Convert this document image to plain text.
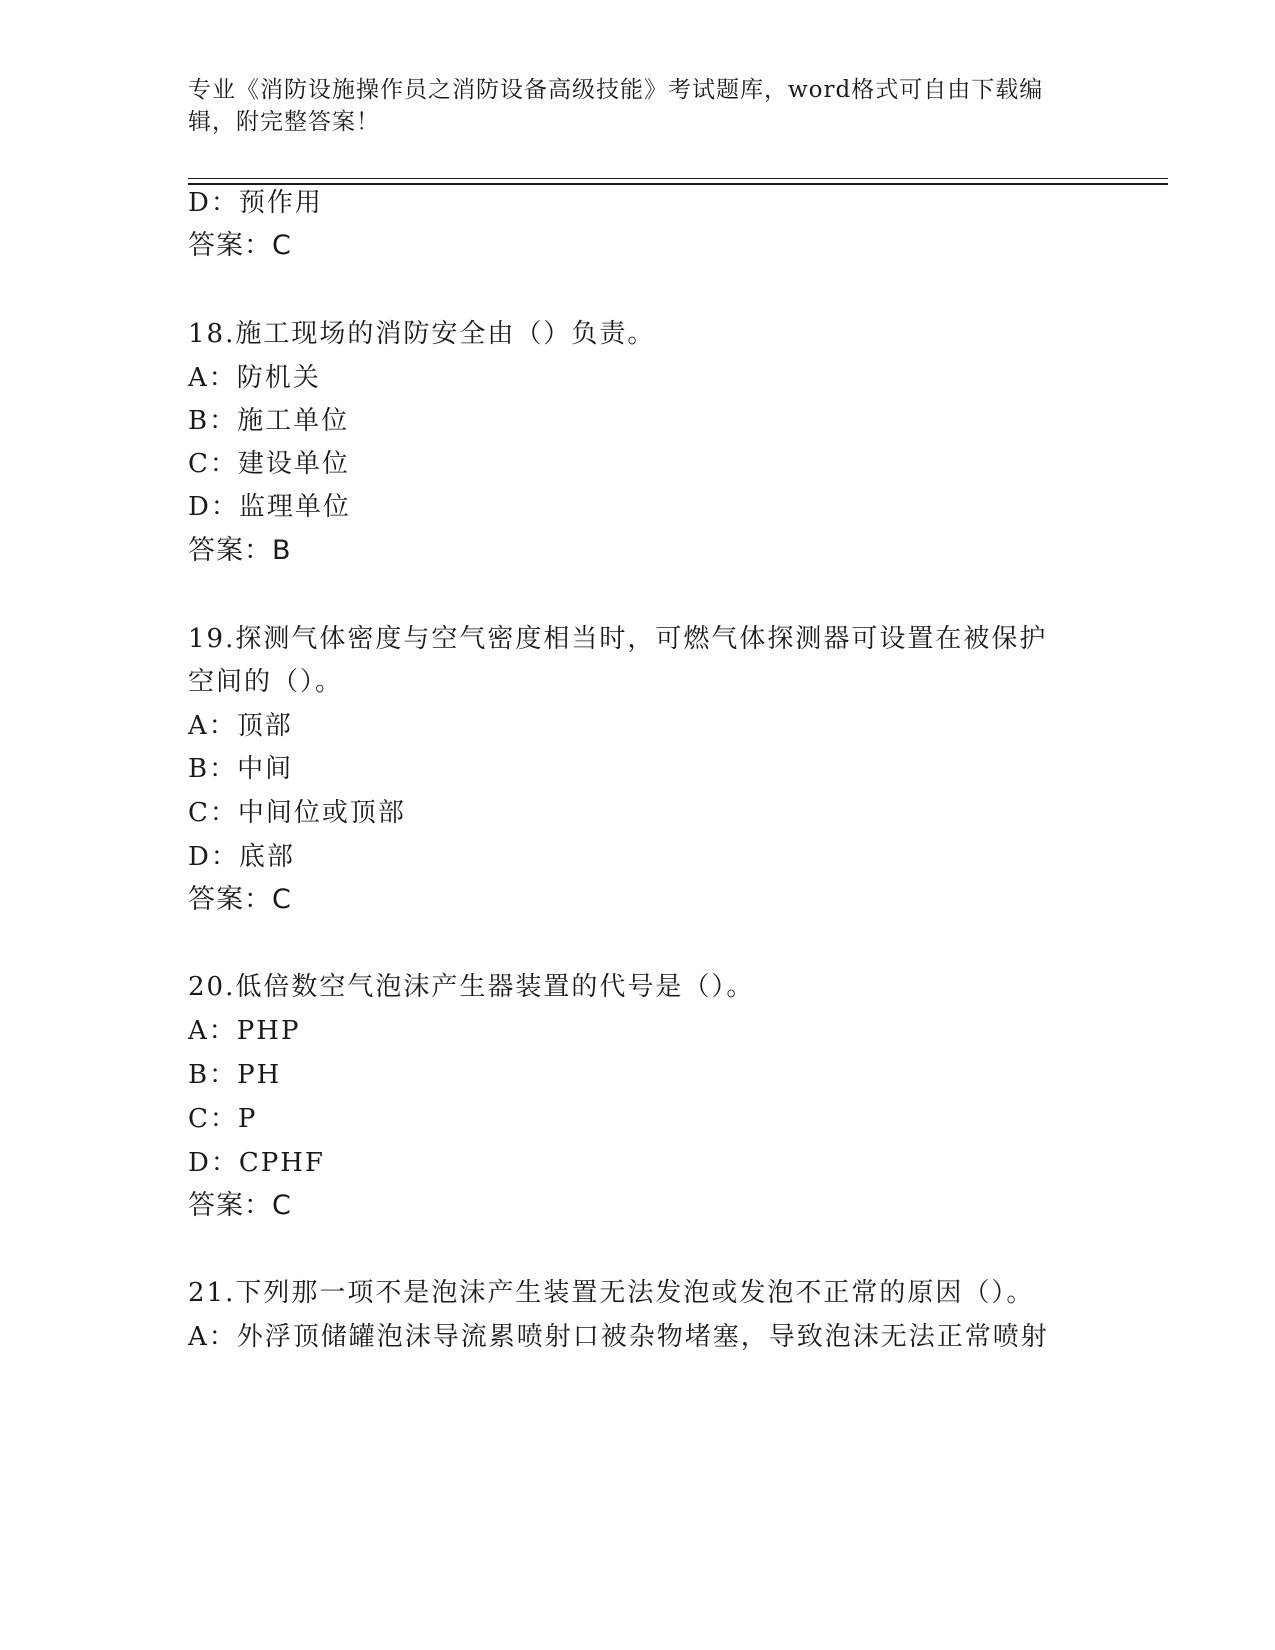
专业《消防设施操作员之消防设备高级技能》考试题库，word格式可自由下载编
辑，附完整答案！
D：预作用
答案：C
18.施工现场的消防安全由（）负责。
A：防机关
B：施工单位
C：建设单位
D：监理单位
答案：B
19.探测气体密度与空气密度相当时，可燃气体探测器可设置在被保护
空间的（）。
A：顶部
B：中间
C：中间位或顶部
D：底部
答案：C
20.低倍数空气泡沫产生器装置的代号是（）。
A：PHP
B：PH
C：P
D：CPHF
答案：C
21.下列那一项不是泡沫产生装置无法发泡或发泡不正常的原因（）。
A：外浮顶储罐泡沫导流累喷射口被杂物堵塞，导致泡沫无法正常喷射
